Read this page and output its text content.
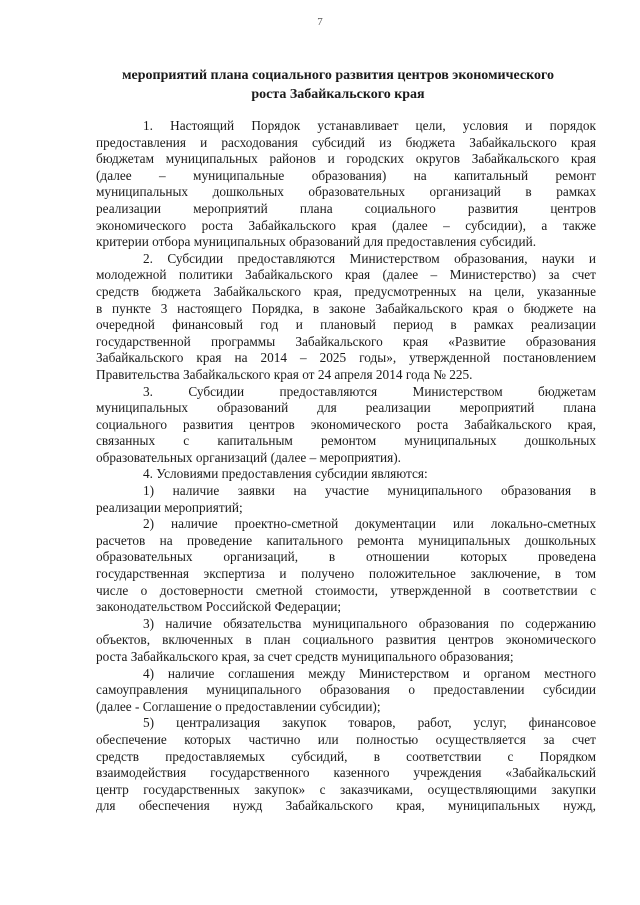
7
мероприятий плана социального развития центров экономического
роста Забайкальского края
1. Настоящий Порядок устанавливает цели, условия и порядок
предоставления и расходования субсидий из бюджета Забайкальского края
бюджетам муниципальных районов и городских округов Забайкальского края
(далее – муниципальные образования) на капитальный ремонт
муниципальных дошкольных образовательных организаций в рамках
реализации мероприятий плана социального развития центров
экономического роста Забайкальского края (далее – субсидии), а также
критерии отбора муниципальных образований для предоставления субсидий.
2. Субсидии предоставляются Министерством образования, науки и
молодежной политики Забайкальского края (далее – Министерство) за счет
средств бюджета Забайкальского края, предусмотренных на цели, указанные
в пункте 3 настоящего Порядка, в законе Забайкальского края о бюджете на
очередной финансовый год и плановый период в рамках реализации
государственной программы Забайкальского края «Развитие образования
Забайкальского края на 2014 – 2025 годы», утвержденной постановлением
Правительства Забайкальского края от 24 апреля 2014 года № 225.
3. Субсидии предоставляются Министерством бюджетам
муниципальных образований для реализации мероприятий плана
социального развития центров экономического роста Забайкальского края,
связанных с капитальным ремонтом муниципальных дошкольных
образовательных организаций (далее – мероприятия).
4. Условиями предоставления субсидии являются:
1) наличие заявки на участие муниципального образования в
реализации мероприятий;
2) наличие проектно-сметной документации или локально-сметных
расчетов на проведение капитального ремонта муниципальных дошкольных
образовательных организаций, в отношении которых проведена
государственная экспертиза и получено положительное заключение, в том
числе о достоверности сметной стоимости, утвержденной в соответствии с
законодательством Российской Федерации;
3) наличие обязательства муниципального образования по содержанию
объектов, включенных в план социального развития центров экономического
роста Забайкальского края, за счет средств муниципального образования;
4) наличие соглашения между Министерством и органом местного
самоуправления муниципального образования о предоставлении субсидии
(далее - Соглашение о предоставлении субсидии);
5) централизация закупок товаров, работ, услуг, финансовое
обеспечение которых частично или полностью осуществляется за счет
средств предоставляемых субсидий, в соответствии с Порядком
взаимодействия государственного казенного учреждения «Забайкальский
центр государственных закупок» с заказчиками, осуществляющими закупки
для обеспечения нужд Забайкальского края, муниципальных нужд,
